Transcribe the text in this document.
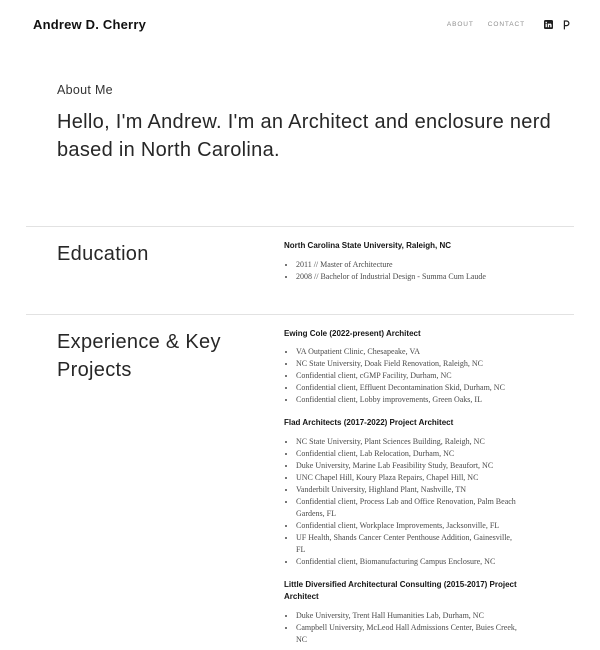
Andrew D. Cherry	ABOUT CONTACT
About Me
Hello, I'm Andrew. I'm an Architect and enclosure nerd based in North Carolina.
Education	North Carolina State University, Raleigh, NC
• 2011 // Master of Architecture
• 2008 // Bachelor of Industrial Design - Summa Cum Laude
Experience & Key Projects
Ewing Cole (2022-present) Architect
• VA Outpatient Clinic, Chesapeake, VA
• NC State University, Doak Field Renovation, Raleigh, NC
• Confidential client, cGMP Facility, Durham, NC
• Confidential client, Effluent Decontamination Skid, Durham, NC
• Confidential client, Lobby improvements, Green Oaks, IL
Flad Architects (2017-2022) Project Architect
• NC State University, Plant Sciences Building, Raleigh, NC
• Confidential client, Lab Relocation, Durham, NC
• Duke University, Marine Lab Feasibility Study, Beaufort, NC
• UNC Chapel Hill, Koury Plaza Repairs, Chapel Hill, NC
• Vanderbilt University, Highland Plant, Nashville, TN
• Confidential client, Process Lab and Office Renovation, Palm Beach Gardens, FL
• Confidential client, Workplace Improvements, Jacksonville, FL
• UF Health, Shands Cancer Center Penthouse Addition, Gainesville, FL
• Confidential client, Biomanufacturing Campus Enclosure, NC
Little Diversified Architectural Consulting (2015-2017) Project Architect
• Duke University, Trent Hall Humanities Lab, Durham, NC
• Campbell University, McLeod Hall Admissions Center, Buies Creek, NC
